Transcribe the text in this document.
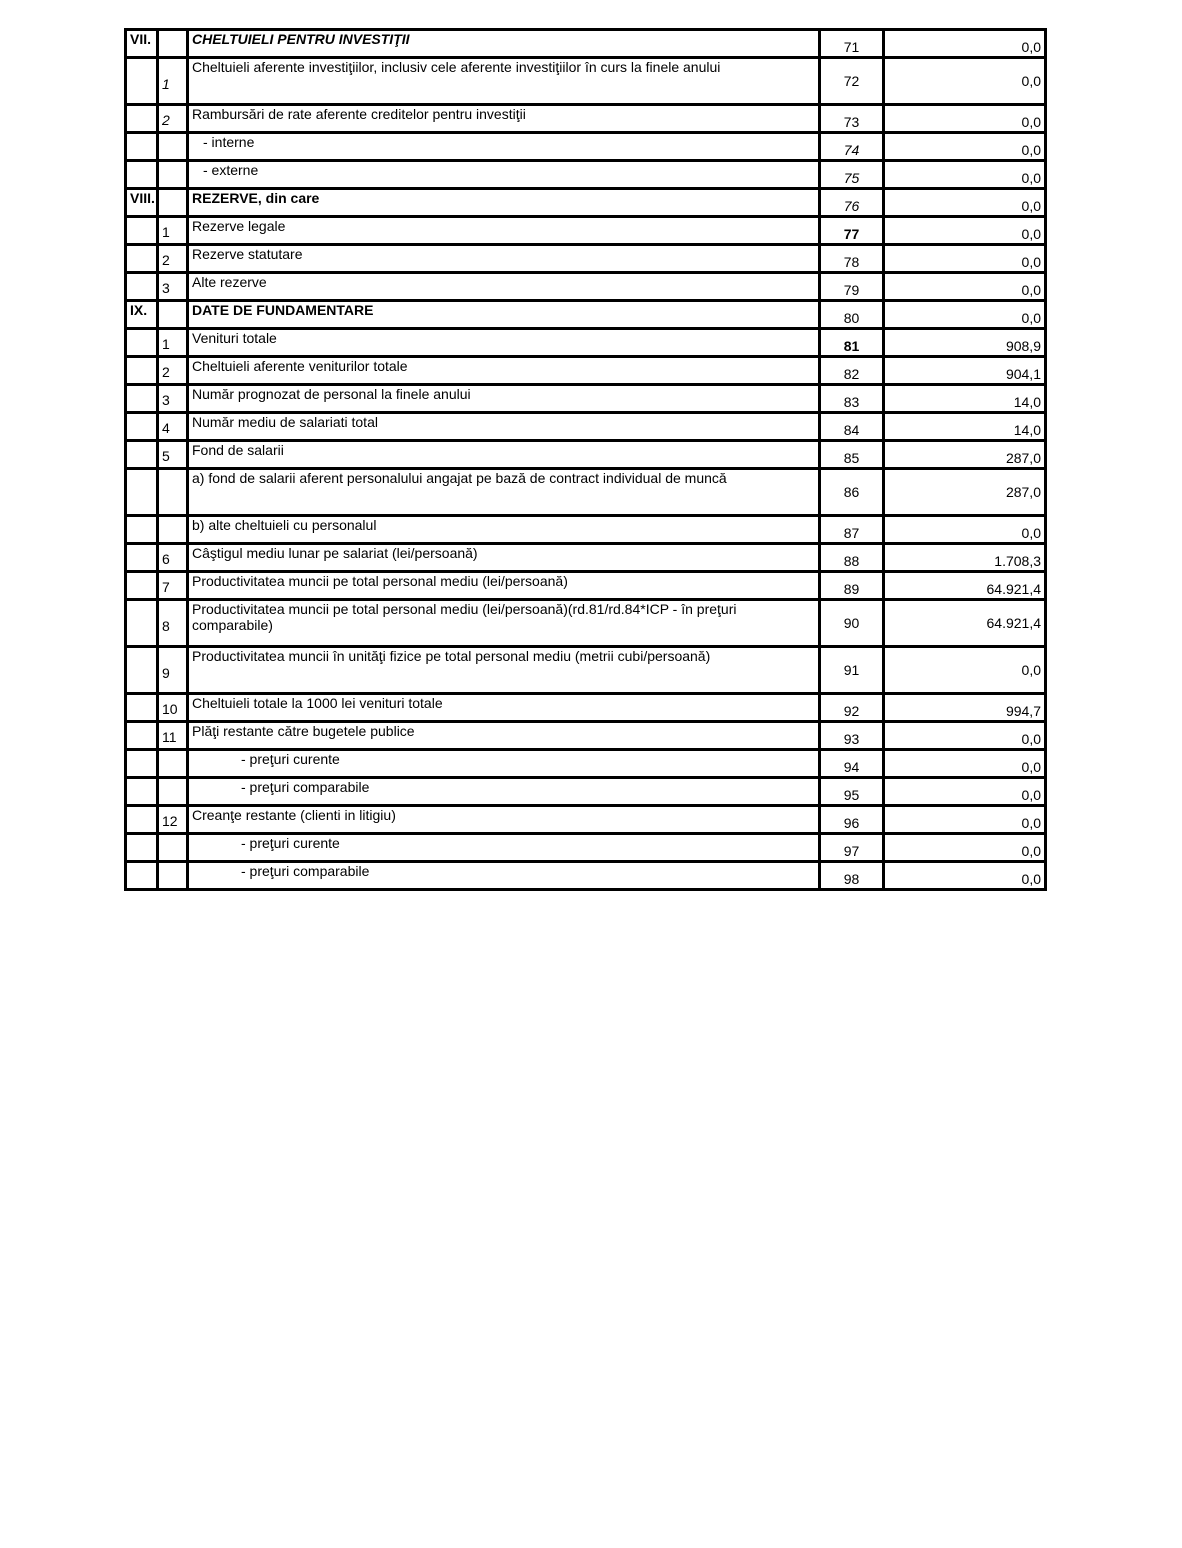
VII.		CHELTUIELI PENTRU INVESTIŢII	71	0,0
	1	Cheltuieli aferente investiţiilor, inclusiv cele aferente investiţiilor în curs la finele anului	72	0,0
	2	Rambursări de rate aferente creditelor pentru investiţii	73	0,0
		- interne	74	0,0
		- externe	75	0,0
VIII.		REZERVE, din care	76	0,0
	1	Rezerve legale	77	0,0
	2	Rezerve statutare	78	0,0
	3	Alte rezerve	79	0,0
IX.		DATE DE FUNDAMENTARE	80	0,0
	1	Venituri totale	81	908,9
	2	Cheltuieli aferente veniturilor totale	82	904,1
	3	Număr prognozat de personal la finele anului	83	14,0
	4	Număr mediu de salariati total	84	14,0
	5	Fond de salarii	85	287,0
		a) fond de salarii aferent personalului angajat pe bază de contract individual de muncă	86	287,0
		b) alte cheltuieli cu personalul	87	0,0
	6	Câştigul mediu lunar pe salariat (lei/persoană)	88	1.708,3
	7	Productivitatea muncii pe total personal mediu (lei/persoană)	89	64.921,4
	8	Productivitatea muncii pe total personal mediu (lei/persoană)(rd.81/rd.84*ICP - în preţuri comparabile)	90	64.921,4
	9	Productivitatea muncii în unităţi fizice pe total personal mediu (metrii cubi/persoană)	91	0,0
	10	Cheltuieli totale la 1000 lei venituri totale	92	994,7
	11	Plăţi restante către bugetele publice	93	0,0
		- preţuri curente	94	0,0
		- preţuri comparabile	95	0,0
	12	Creanţe restante (clienti in litigiu)	96	0,0
		- preţuri curente	97	0,0
		- preţuri comparabile	98	0,0
